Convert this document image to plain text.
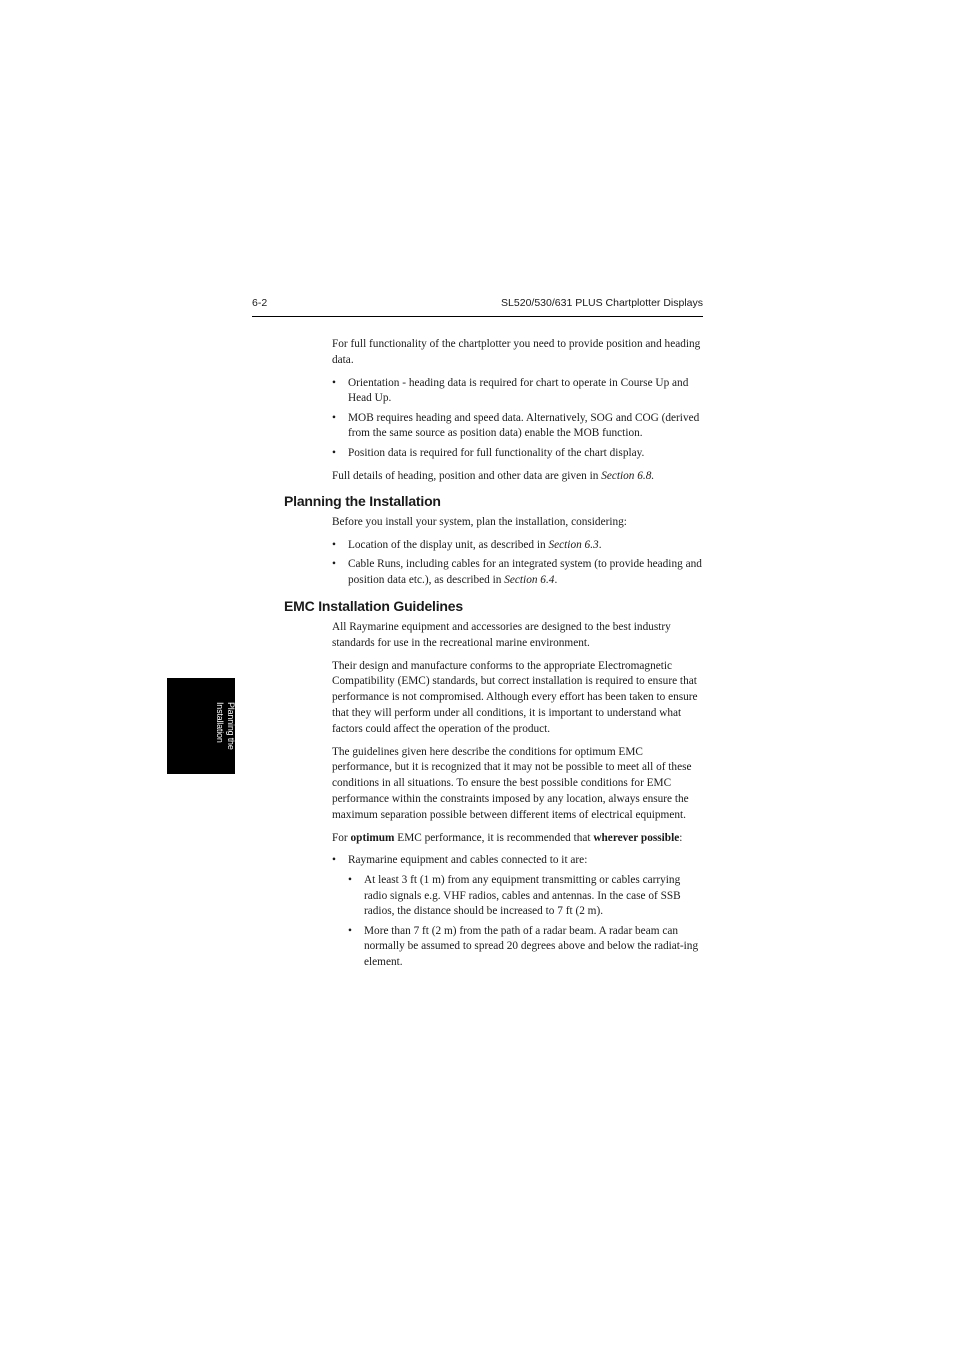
6-2	SL520/530/631 PLUS Chartplotter Displays
Planning the
Installation

For full functionality of the chartplotter you need to provide position and heading data.

• Orientation - heading data is required for chart to operate in Course Up and Head Up.
• MOB requires heading and speed data. Alternatively, SOG and COG (derived from the same source as position data) enable the MOB function.
• Position data is required for full functionality of the chart display.

Full details of heading, position and other data are given in Section 6.8.

Planning the Installation

Before you install your system, plan the installation, considering:

• Location of the display unit, as described in Section 6.3.
• Cable Runs, including cables for an integrated system (to provide heading and position data etc.), as described in Section 6.4.
EMC Installation Guidelines

All Raymarine equipment and accessories are designed to the best industry standards for use in the recreational marine environment.

Their design and manufacture conforms to the appropriate Electromagnetic Compatibility (EMC) standards, but correct installation is required to ensure that performance is not compromised. Although every effort has been taken to ensure that they will perform under all conditions, it is important to understand what factors could affect the operation of the product.

The guidelines given here describe the conditions for optimum EMC performance, but it is recognized that it may not be possible to meet all of these conditions in all situations. To ensure the best possible conditions for EMC performance within the constraints imposed by any location, always ensure the maximum separation possible between different items of electrical equipment.

For optimum EMC performance, it is recommended that wherever possible:

• Raymarine equipment and cables connected to it are:
• At least 3 ft (1 m) from any equipment transmitting or cables carrying radio signals e.g. VHF radios, cables and antennas. In the case of SSB radios, the distance should be increased to 7 ft (2 m).
• More than 7 ft (2 m) from the path of a radar beam. A radar beam can normally be assumed to spread 20 degrees above and below the radiat-ing element.
